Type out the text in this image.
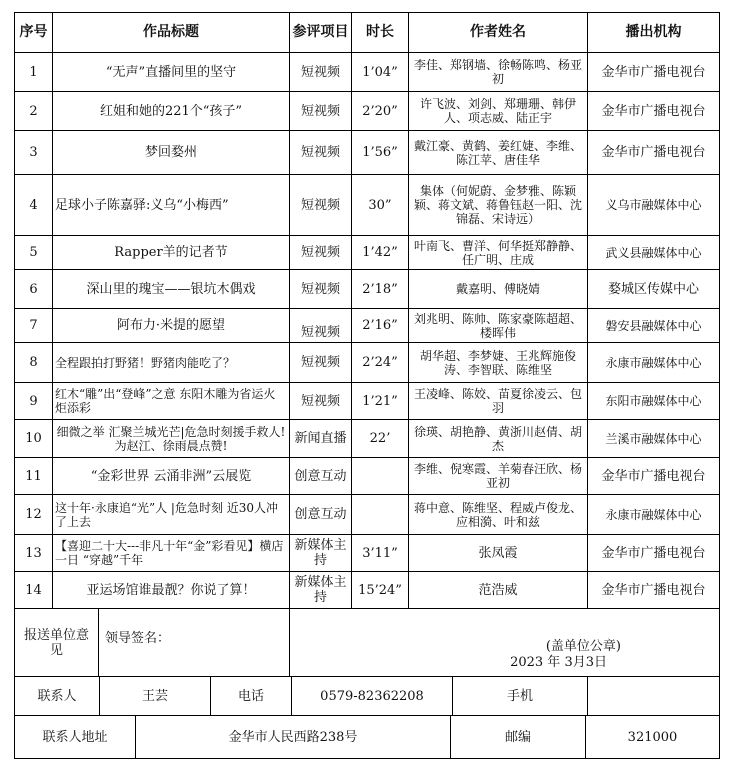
序号	作品标题	参评项目	时长	作者姓名	播出机构
1	“无声”直播间里的坚守	短视频	1’04”	李佳、郑钢墙、徐畅陈鸣、杨亚初	金华市广播电视台
2	红姐和她的221个“孩子”	短视频	2’20”	许飞波、刘剑、郑珊珊、韩伊人、项志威、陆正宇	金华市广播电视台
3	梦回婺州	短视频	1’56”	戴江豪、黄鹤、姜红婕、李维、陈江苹、唐佳华	金华市广播电视台
4	足球小子陈嘉驿:义乌“小梅西”	短视频	30”	集体（何妮蔚、金梦雅、陈颖颖、蒋文斌、蒋鲁钰赵一阳、沈锦磊、宋诗远）	义乌市融媒体中心
5	Rapper羊的记者节	短视频	1’42”	叶南飞、曹洋、何华挺郑静静、任广明、庄成	武义县融媒体中心
6	深山里的瑰宝——银坑木偶戏	短视频	2’18”	戴嘉明、傅晓婧	婺城区传媒中心
7	阿布力·米提的愿望	短视频	2’16”	刘兆明、陈帅、陈家豪陈超超、楼晖伟	磐安县融媒体中心
8	全程跟拍打野猪！野猪肉能吃了？	短视频	2’24”	胡华超、李梦婕、王兆辉施俊涛、李智联、陈维坚	永康市融媒体中心
9	红木“雕”出“登峰”之意 东阳木雕为省运火炬添彩	短视频	1’21”	王凌峰、陈姣、苗夏徐凌云、包羽	东阳市融媒体中心
10	细微之举 汇聚兰城光芒|危急时刻援手救人!为赵江、徐雨晨点赞!	新闻直播	22’	徐瑛、胡艳静、黄浙川赵倩、胡杰	兰溪市融媒体中心
11	“金彩世界 云涌非洲”云展览	创意互动		李维、倪寒霞、羊菊春汪欣、杨亚初	金华市广播电视台
12	这十年·永康追“光”人 |危急时刻 近30人冲了上去	创意互动		蒋中意、陈维坚、程威卢俊龙、应相漪、叶和兹	永康市融媒体中心
13	【喜迎二十大---非凡十年“金”彩看见】横店一日 “穿越”千年	新媒体主持	3’11”	张凤霞	金华市广播电视台
14	亚运场馆谁最靓？你说了算！	新媒体主持	15’24”	范浩威	金华市广播电视台

报送单位意见
领导签名：		(盖单位公章)
2023 年 3月3日			

联系人 王芸 电话 0579-82362208 手机					

联系人地址 金华市人民西路238号 邮编 321000					
